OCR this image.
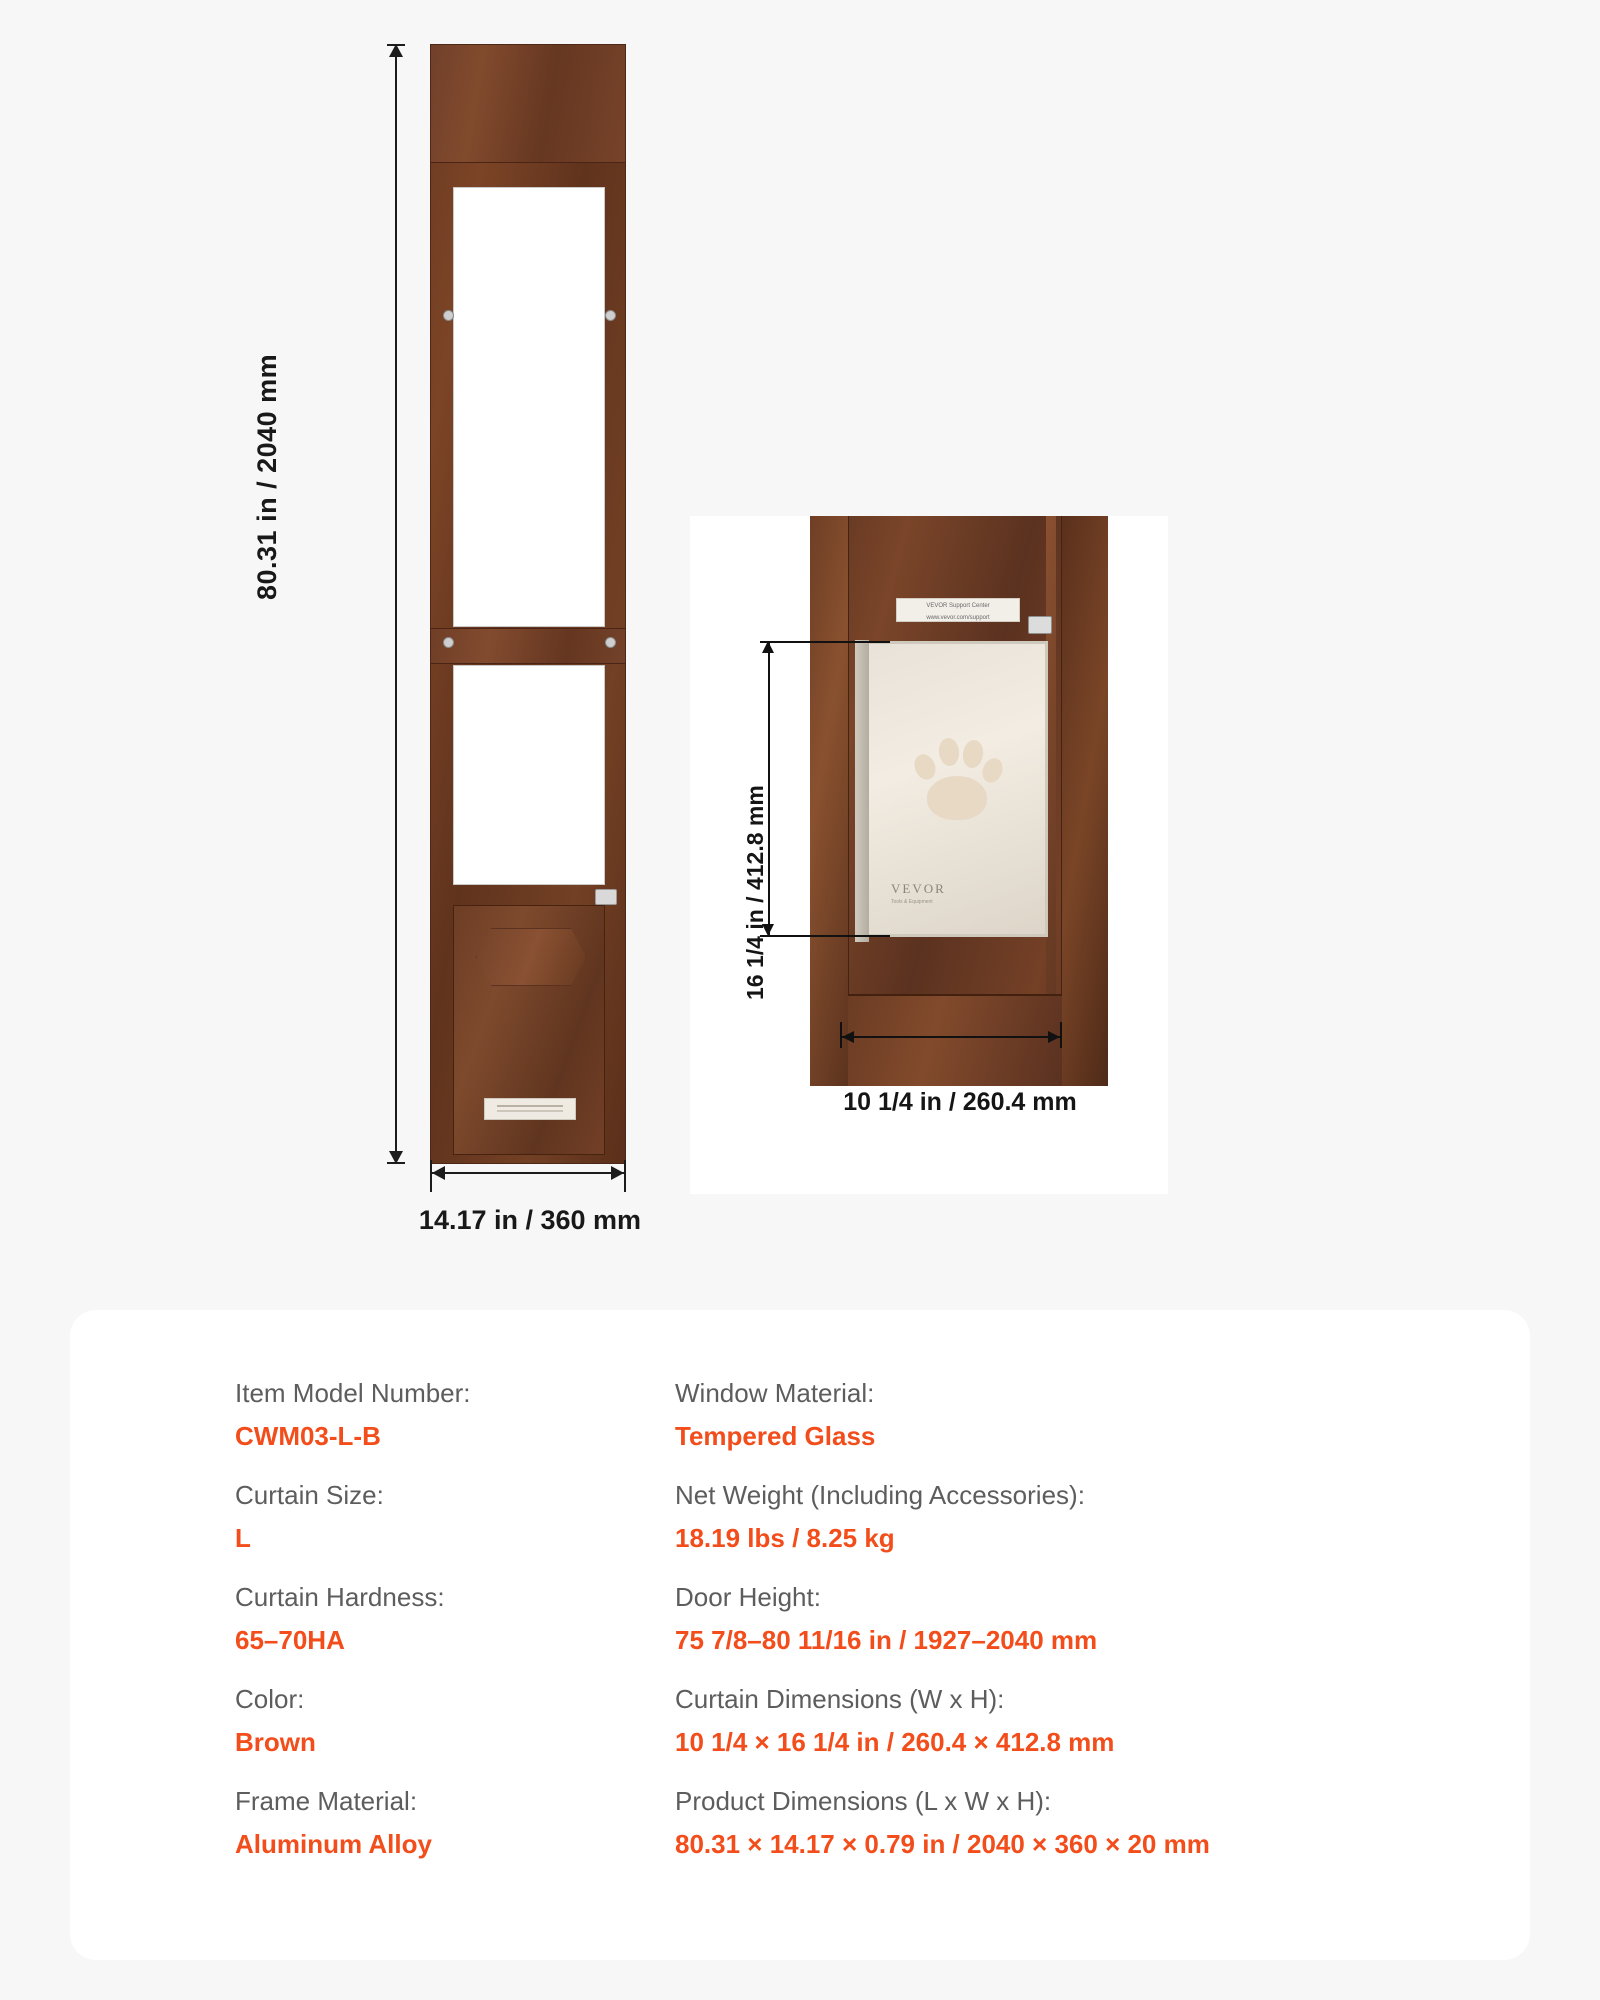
80.31 in / 2040 mm
14.17 in / 360 mm
VEVOR Support Center
www.vevor.com/support
VEVOR
Tools & Equipment
16 1/4 in / 412.8 mm
10 1/4 in / 260.4 mm
Item Model Number:
CWM03-L-B
Window Material:
Tempered Glass
Curtain Size:
L
Net Weight (Including Accessories):
18.19 lbs / 8.25 kg
Curtain Hardness:
65–70HA
Door Height:
75 7/8–80 11/16 in / 1927–2040 mm
Color:
Brown
Curtain Dimensions (W x H):
10 1/4 × 16 1/4 in / 260.4 × 412.8 mm
Frame Material:
Aluminum Alloy
Product Dimensions (L x W x H):
80.31 × 14.17 × 0.79 in / 2040 × 360 × 20 mm
